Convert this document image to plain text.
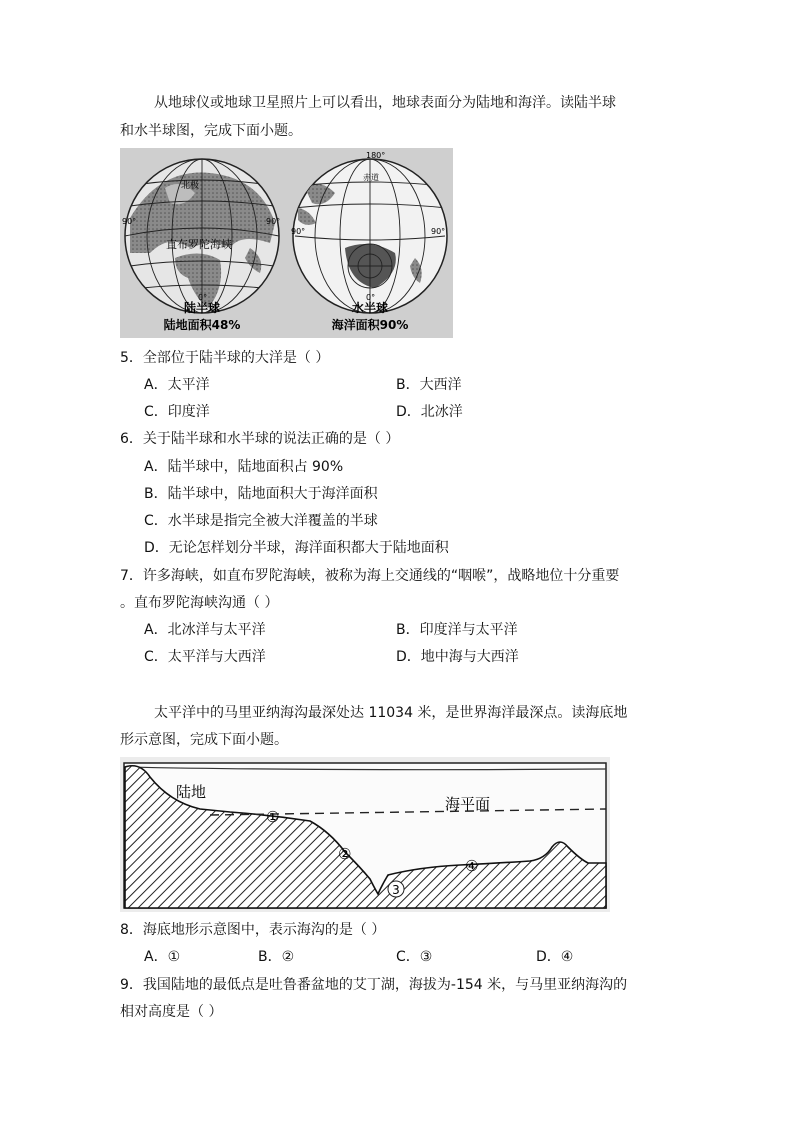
从地球仪或地球卫星照片上可以看出，地球表面分为陆地和海洋。读陆半球
和水半球图，完成下面小题。
北极
直布罗陀海峡
90°	90°
0°
陆半球
陆地面积48%
180°
赤道
90°	90°
0°
水半球
海洋面积90%
5．全部位于陆半球的大洋是（ ）
A．太平洋	B．大西洋
C．印度洋	D．北冰洋
6．关于陆半球和水半球的说法正确的是（ ）
A．陆半球中，陆地面积占 90%
B．陆半球中，陆地面积大于海洋面积
C．水半球是指完全被大洋覆盖的半球
D．无论怎样划分半球，海洋面积都大于陆地面积
7．许多海峡，如直布罗陀海峡，被称为海上交通线的“咽喉”，战略地位十分重要
。直布罗陀海峡沟通（ ）
A．北冰洋与太平洋	B．印度洋与太平洋
C．太平洋与大西洋	D．地中海与大西洋
太平洋中的马里亚纳海沟最深处达 11034 米，是世界海洋最深点。读海底地
形示意图，完成下面小题。
陆地
海平面
①
②
3
④
8．海底地形示意图中，表示海沟的是（ ）
A．①	B．②	C．③	D．④
9．我国陆地的最低点是吐鲁番盆地的艾丁湖，海拔为-154 米，与马里亚纳海沟的
相对高度是（ ）
